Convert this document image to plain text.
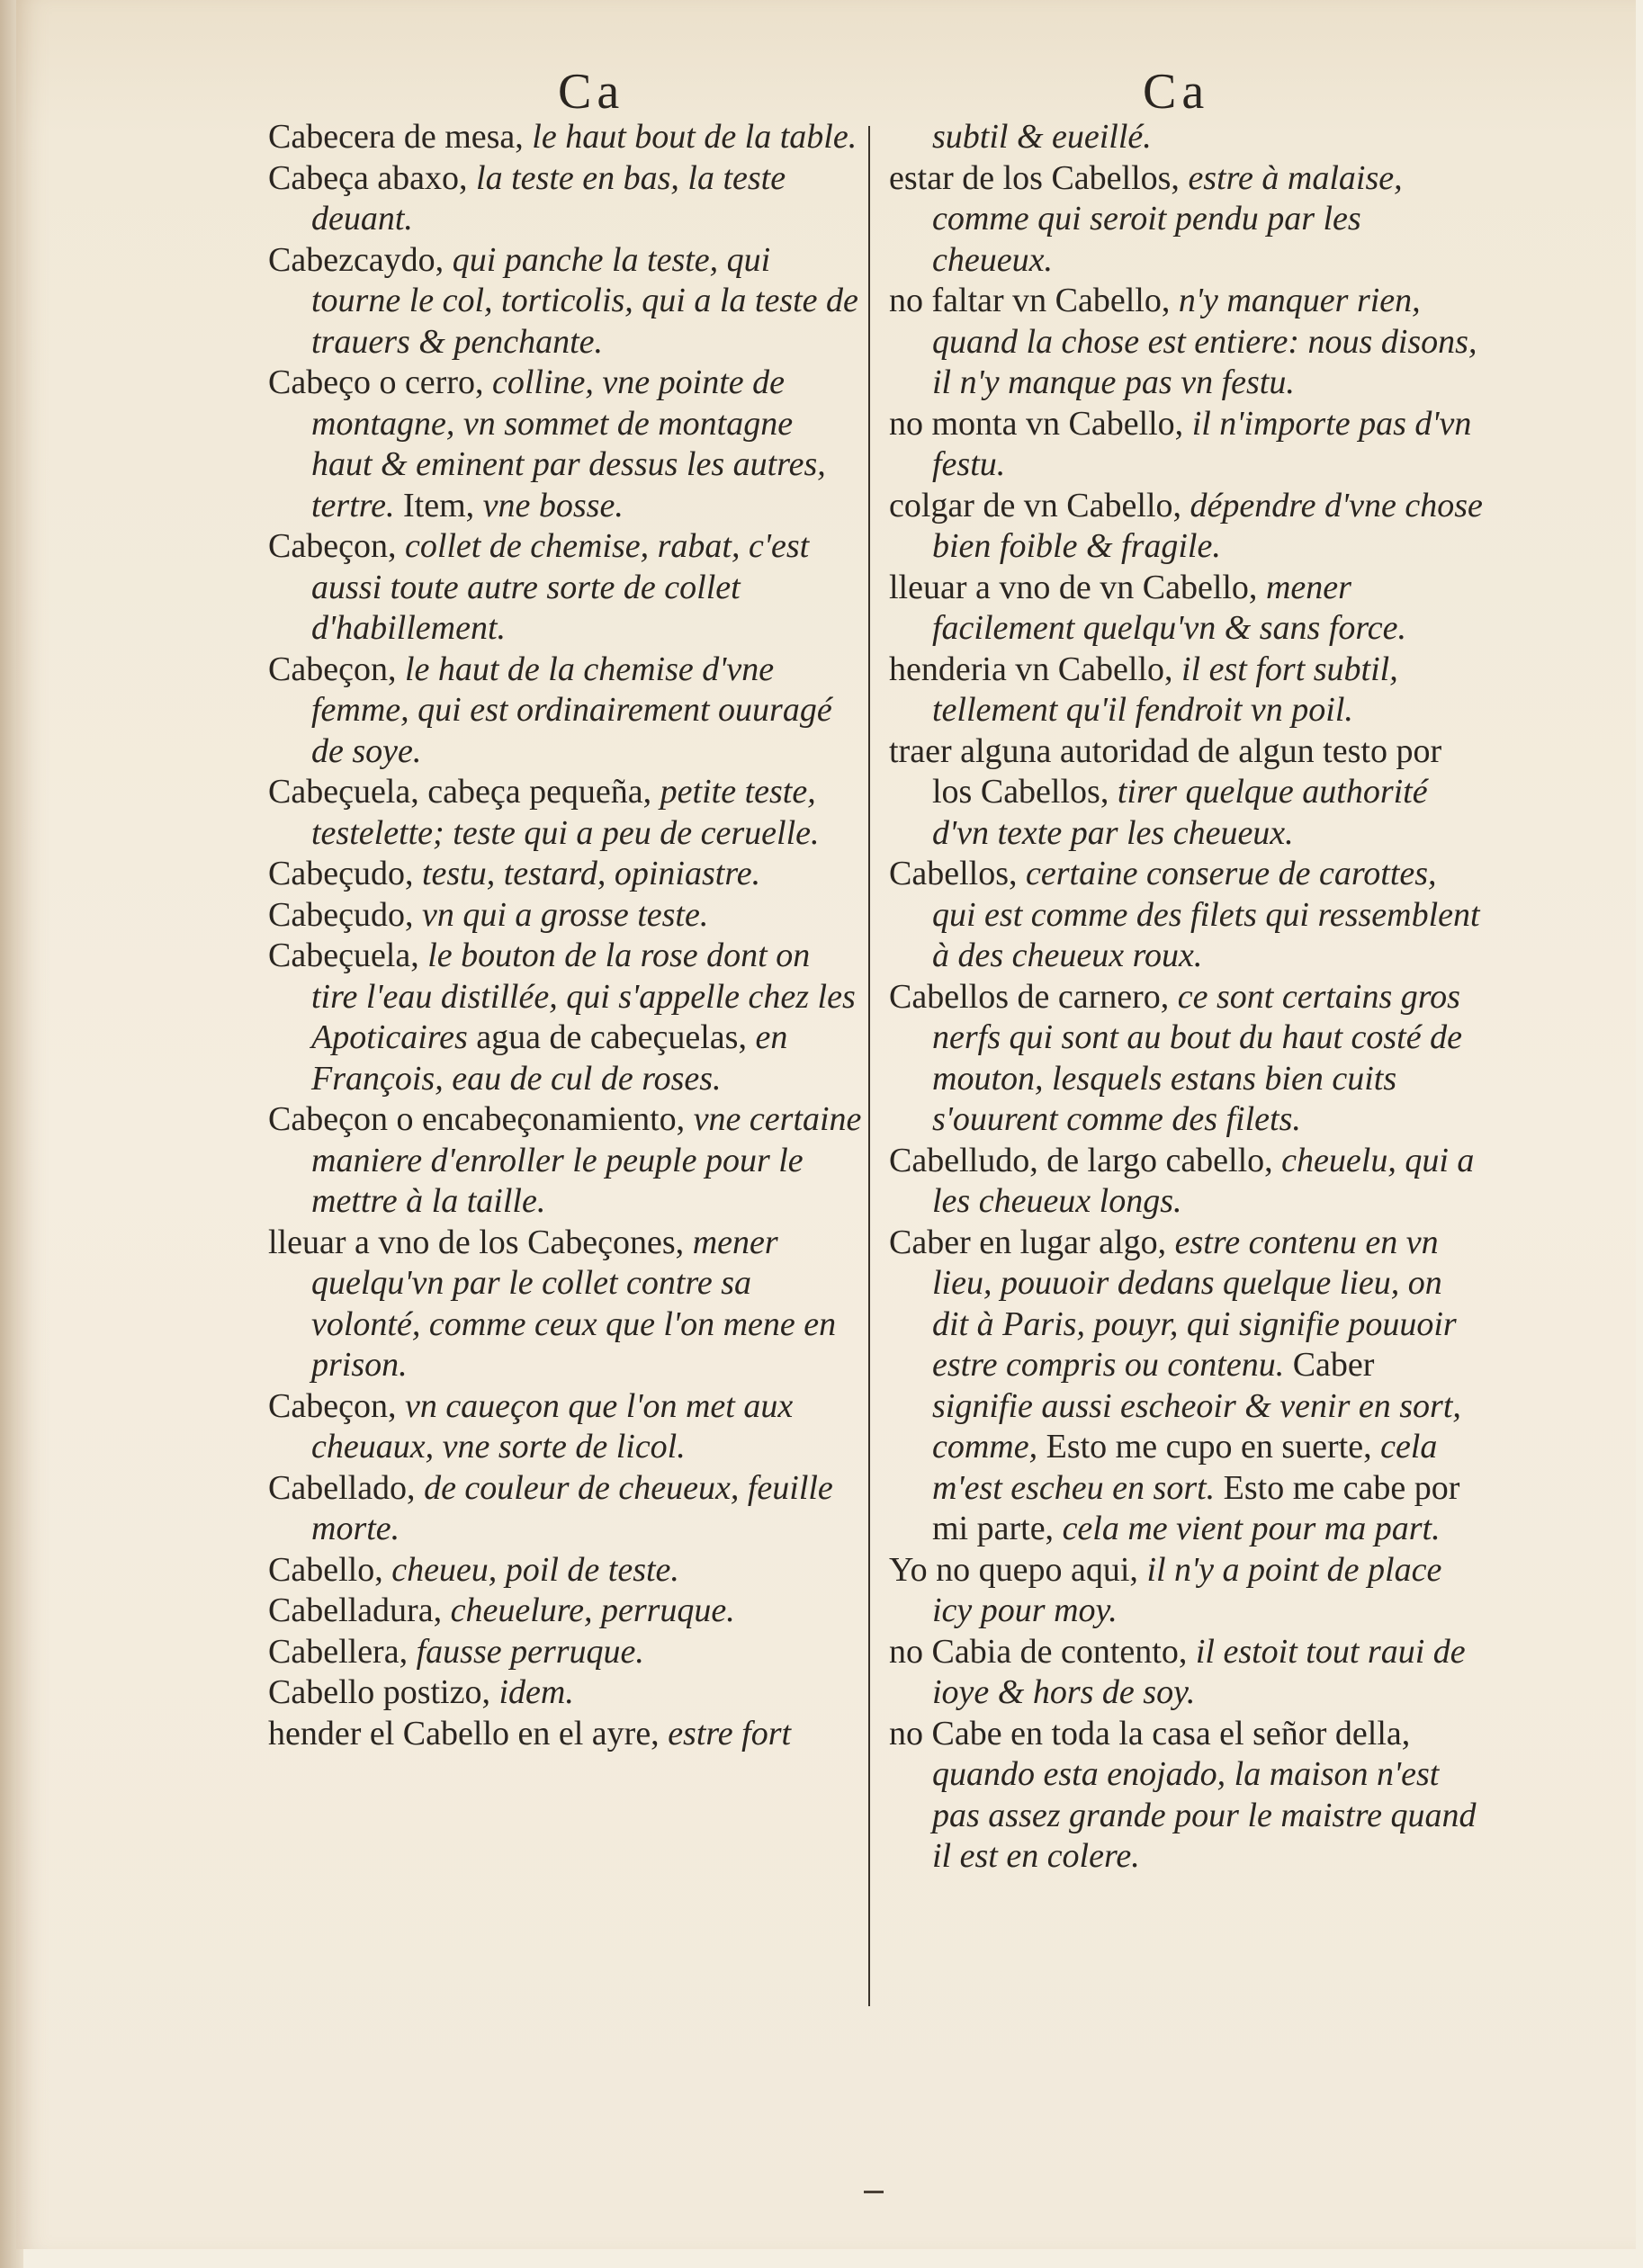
Ca	Ca

Cabecera de mesa, le haut bout de la table.

Cabeça abaxo, la teste en bas, la teste deuant.

Cabezcaydo, qui panche la teste, qui tourne le col, torticolis, qui a la teste de trauers & penchante.

Cabeço o cerro, colline, vne pointe de montagne, vn sommet de montagne haut & eminent par dessus les autres, tertre. Item, vne bosse.

Cabeçon, collet de chemise, rabat, c'est aussi toute autre sorte de collet d'habillement.

Cabeçon, le haut de la chemise d'vne femme, qui est ordinairement ouuragé de soye.

Cabeçuela, cabeça pequeña, petite teste, testelette; teste qui a peu de ceruelle.

Cabeçudo, testu, testard, opiniastre.

Cabeçudo, vn qui a grosse teste.

Cabeçuela, le bouton de la rose dont on tire l'eau distillée, qui s'appelle chez les Apoticaires agua de cabeçuelas, en François, eau de cul de roses.

Cabeçon o encabeçonamiento, vne certaine maniere d'enroller le peuple pour le mettre à la taille.

lleuar a vno de los Cabeçones, mener quelqu'vn par le collet contre sa volonté, comme ceux que l'on mene en prison.

Cabeçon, vn caueçon que l'on met aux cheuaux, vne sorte de licol.

Cabellado, de couleur de cheueux, feuille morte.

Cabello, cheueu, poil de teste.

Cabelladura, cheuelure, perruque.

Cabellera, fausse perruque.

Cabello postizo, idem.

hender el Cabello en el ayre, estre fort

subtil & eueillé.

estar de los Cabellos, estre à malaise, comme qui seroit pendu par les cheueux.

no faltar vn Cabello, n'y manquer rien, quand la chose est entiere: nous disons, il n'y manque pas vn festu.

no monta vn Cabello, il n'importe pas d'vn festu.

colgar de vn Cabello, dépendre d'vne chose bien foible & fragile.

lleuar a vno de vn Cabello, mener facilement quelqu'vn & sans force.

henderia vn Cabello, il est fort subtil, tellement qu'il fendroit vn poil.

traer alguna autoridad de algun testo por los Cabellos, tirer quelque authorité d'vn texte par les cheueux.

Cabellos, certaine conserue de carottes, qui est comme des filets qui ressemblent à des cheueux roux.

Cabellos de carnero, ce sont certains gros nerfs qui sont au bout du haut costé de mouton, lesquels estans bien cuits s'ouurent comme des filets.

Cabelludo, de largo cabello, cheuelu, qui a les cheueux longs.

Caber en lugar algo, estre contenu en vn lieu, pouuoir dedans quelque lieu, on dit à Paris, pouyr, qui signifie pouuoir estre compris ou contenu. Caber signifie aussi escheoir & venir en sort, comme, Esto me cupo en suerte, cela m'est escheu en sort. Esto me cabe por mi parte, cela me vient pour ma part.

Yo no quepo aqui, il n'y a point de place icy pour moy.

no Cabia de contento, il estoit tout raui de ioye & hors de soy.

no Cabe en toda la casa el señor della, quando esta enojado, la maison n'est pas assez grande pour le maistre quand il est en colere.
